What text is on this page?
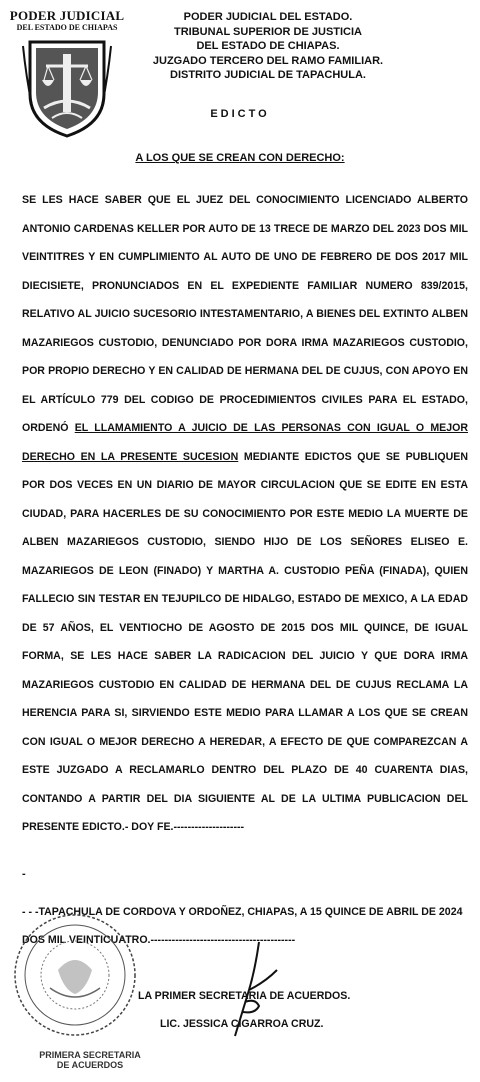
PODER JUDICIAL
DEL ESTADO DE CHIAPAS
PODER JUDICIAL DEL ESTADO.
TRIBUNAL SUPERIOR DE JUSTICIA
DEL ESTADO DE CHIAPAS.
JUZGADO TERCERO DEL RAMO FAMILIAR.
DISTRITO JUDICIAL DE TAPACHULA.
EDICTO
A LOS QUE SE CREAN CON DERECHO:
SE LES HACE SABER QUE EL JUEZ DEL CONOCIMIENTO LICENCIADO ALBERTO ANTONIO CARDENAS KELLER POR AUTO DE 13 TRECE DE MARZO DEL 2023 DOS MIL VEINTITRES Y EN CUMPLIMIENTO AL AUTO DE UNO DE FEBRERO DE DOS 2017 MIL DIECISIETE, PRONUNCIADOS EN EL EXPEDIENTE FAMILIAR NUMERO 839/2015, RELATIVO AL JUICIO SUCESORIO INTESTAMENTARIO, A BIENES DEL EXTINTO ALBEN MAZARIEGOS CUSTODIO, DENUNCIADO POR DORA IRMA MAZARIEGOS CUSTODIO, POR PROPIO DERECHO Y EN CALIDAD DE HERMANA DEL DE CUJUS, CON APOYO EN EL ARTÍCULO 779 DEL CODIGO DE PROCEDIMIENTOS CIVILES PARA EL ESTADO, ORDENÓ EL LLAMAMIENTO A JUICIO DE LAS PERSONAS CON IGUAL O MEJOR DERECHO EN LA PRESENTE SUCESION MEDIANTE EDICTOS QUE SE PUBLIQUEN POR DOS VECES EN UN DIARIO DE MAYOR CIRCULACION QUE SE EDITE EN ESTA CIUDAD, PARA HACERLES DE SU CONOCIMIENTO POR ESTE MEDIO LA MUERTE DE ALBEN MAZARIEGOS CUSTODIO, SIENDO HIJO DE LOS SEÑORES ELISEO E. MAZARIEGOS DE LEON (FINADO) Y MARTHA A. CUSTODIO PEÑA (FINADA), QUIEN FALLECIO SIN TESTAR EN TEJUPILCO DE HIDALGO, ESTADO DE MEXICO, A LA EDAD DE 57 AÑOS, EL VENTIOCHO DE AGOSTO DE 2015 DOS MIL QUINCE, DE IGUAL FORMA, SE LES HACE SABER LA RADICACION DEL JUICIO Y QUE DORA IRMA MAZARIEGOS CUSTODIO EN CALIDAD DE HERMANA DEL DE CUJUS RECLAMA LA HERENCIA PARA SI, SIRVIENDO ESTE MEDIO PARA LLAMAR A LOS QUE SE CREAN CON IGUAL O MEJOR DERECHO A HEREDAR, A EFECTO DE QUE COMPAREZCAN A ESTE JUZGADO A RECLAMARLO DENTRO DEL PLAZO DE 40 CUARENTA DIAS, CONTANDO A PARTIR DEL DIA SIGUIENTE AL DE LA ULTIMA PUBLICACION DEL PRESENTE EDICTO.- DOY FE.--------------------
-
- - -TAPACHULA DE CORDOVA Y ORDOÑEZ, CHIAPAS, A 15 QUINCE DE ABRIL DE 2024 DOS MIL VEINTICUATRO.-----------------------------------------
LA PRIMER SECRETARIA DE ACUERDOS.
LIC. JESSICA CIGARROA CRUZ.
PRIMERA SECRETARIA
DE ACUERDOS
